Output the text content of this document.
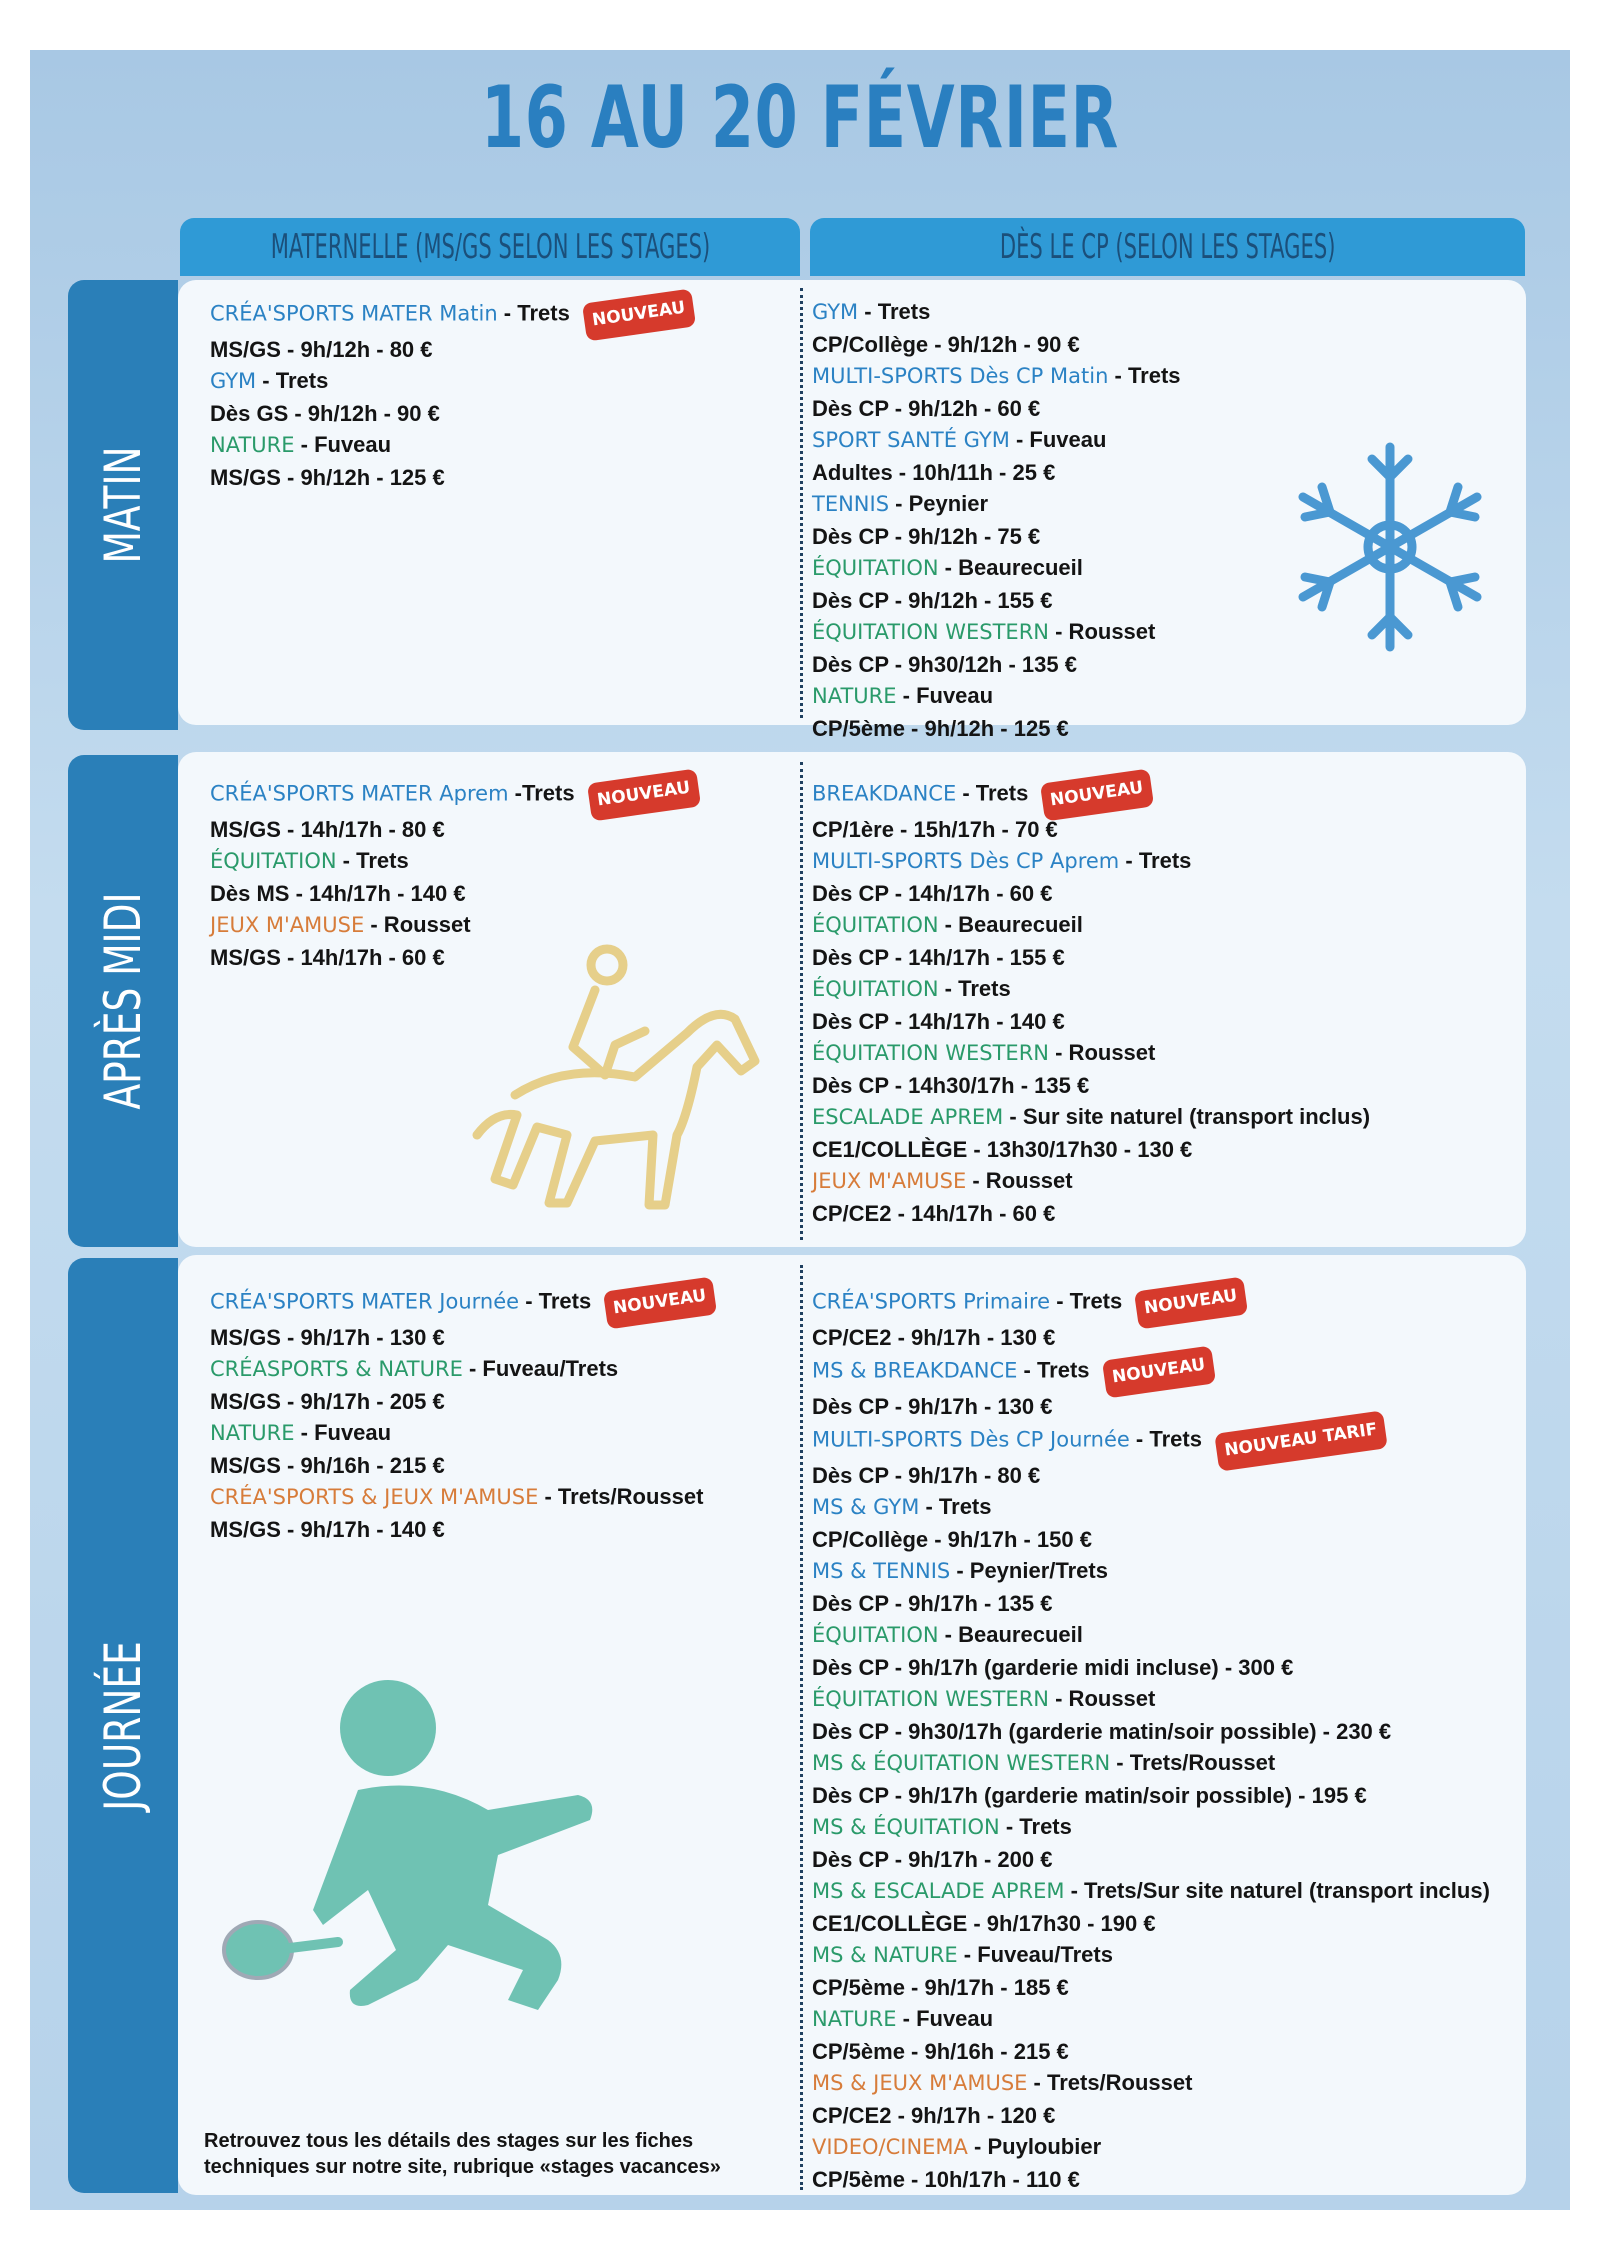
16 AU 20 FÉVRIER
MATERNELLE (MS/GS SELON LES STAGES)	DÈS LE CP (SELON LES STAGES)
MATIN
CRÉA'SPORTS MATER Matin - Trets NOUVEAU
MS/GS - 9h/12h - 80 €
GYM - Trets
Dès GS - 9h/12h - 90 €
NATURE - Fuveau
MS/GS - 9h/12h - 125 €
GYM - Trets
CP/Collège - 9h/12h - 90 €
MULTI-SPORTS Dès CP Matin - Trets
Dès CP - 9h/12h - 60 €
SPORT SANTÉ GYM - Fuveau
Adultes - 10h/11h - 25 €
TENNIS - Peynier
Dès CP - 9h/12h - 75 €
ÉQUITATION - Beaurecueil
Dès CP - 9h/12h - 155 €
ÉQUITATION WESTERN - Rousset
Dès CP - 9h30/12h - 135 €
NATURE - Fuveau
CP/5ème - 9h/12h - 125 €
APRÈS MIDI
CRÉA'SPORTS MATER Aprem -Trets NOUVEAU
MS/GS - 14h/17h - 80 €
ÉQUITATION - Trets
Dès MS - 14h/17h - 140 €
JEUX M'AMUSE - Rousset
MS/GS - 14h/17h - 60 €
BREAKDANCE - Trets NOUVEAU
CP/1ère - 15h/17h - 70 €
MULTI-SPORTS Dès CP Aprem - Trets
Dès CP - 14h/17h - 60 €
ÉQUITATION - Beaurecueil
Dès CP - 14h/17h - 155 €
ÉQUITATION - Trets
Dès CP - 14h/17h - 140 €
ÉQUITATION WESTERN - Rousset
Dès CP - 14h30/17h - 135 €
ESCALADE APREM - Sur site naturel (transport inclus)
CE1/COLLÈGE - 13h30/17h30 - 130 €
JEUX M'AMUSE - Rousset
CP/CE2 - 14h/17h - 60 €
JOURNÉE
CRÉA'SPORTS MATER Journée - Trets NOUVEAU
MS/GS - 9h/17h - 130 €
CRÉASPORTS & NATURE - Fuveau/Trets
MS/GS - 9h/17h - 205 €
NATURE - Fuveau
MS/GS - 9h/16h - 215 €
CRÉA'SPORTS & JEUX M'AMUSE - Trets/Rousset
MS/GS - 9h/17h - 140 €
CRÉA'SPORTS Primaire - Trets NOUVEAU
CP/CE2 - 9h/17h - 130 €
MS & BREAKDANCE - Trets NOUVEAU
Dès CP - 9h/17h - 130 €
MULTI-SPORTS Dès CP Journée - Trets NOUVEAU TARIF
Dès CP - 9h/17h - 80 €
MS & GYM - Trets
CP/Collège - 9h/17h - 150 €
MS & TENNIS - Peynier/Trets
Dès CP - 9h/17h - 135 €
ÉQUITATION - Beaurecueil
Dès CP - 9h/17h (garderie midi incluse) - 300 €
ÉQUITATION WESTERN - Rousset
Dès CP - 9h30/17h (garderie matin/soir possible) - 230 €
MS & ÉQUITATION WESTERN - Trets/Rousset
Dès CP - 9h/17h (garderie matin/soir possible) - 195 €
MS & ÉQUITATION - Trets
Dès CP - 9h/17h - 200 €
MS & ESCALADE APREM - Trets/Sur site naturel (transport inclus)
CE1/COLLÈGE - 9h/17h30 - 190 €
MS & NATURE - Fuveau/Trets
CP/5ème - 9h/17h - 185 €
NATURE - Fuveau
CP/5ème - 9h/16h - 215 €
MS & JEUX M'AMUSE - Trets/Rousset
CP/CE2 - 9h/17h - 120 €
VIDEO/CINEMA - Puyloubier
CP/5ème - 10h/17h - 110 €
Retrouvez tous les détails des stages sur les fiches
techniques sur notre site, rubrique «stages vacances»
